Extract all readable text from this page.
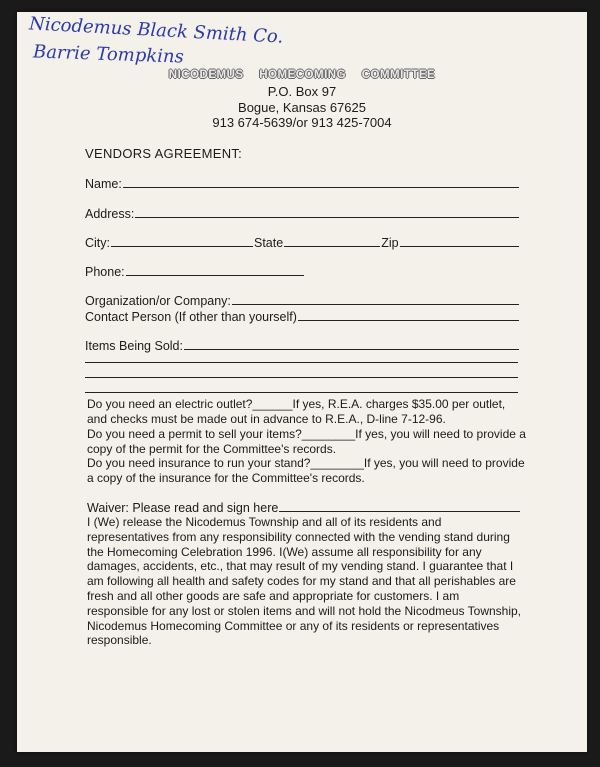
Nicodemus Black Smith Co.
Barrie Tompkins
NICODEMUS HOMECOMING COMMITTEE
P.O. Box 97
Bogue, Kansas 67625
913 674-5639/or 913 425-7004
VENDORS AGREEMENT:
Name:
Address:
City:	State	Zip
Phone:
Organization/or Company:
Contact Person (If other than yourself)
Items Being Sold:

Do you need an electric outlet?______If yes, R.E.A. charges $35.00 per outlet, and checks must be made out in advance to R.E.A., D-line 7-12-96.

Do you need a permit to sell your items?________If yes, you will need to provide a copy of the permit for the Committee's records.

Do you need insurance to run your stand?________If yes, you will need to provide a copy of the insurance for the Committee's records.

Waiver: Please read and sign here

I (We) release the Nicodemus Township and all of its residents and representatives from any responsibility connected with the vending stand during the Homecoming Celebration 1996. I(We) assume all responsibility for any damages, accidents, etc., that may result of my vending stand. I guarantee that I am following all health and safety codes for my stand and that all perishables are fresh and all other goods are safe and appropriate for customers. I am responsible for any lost or stolen items and will not hold the Nicodmeus Township, Nicodemus Homecoming Committee or any of its residents or representatives responsible.
